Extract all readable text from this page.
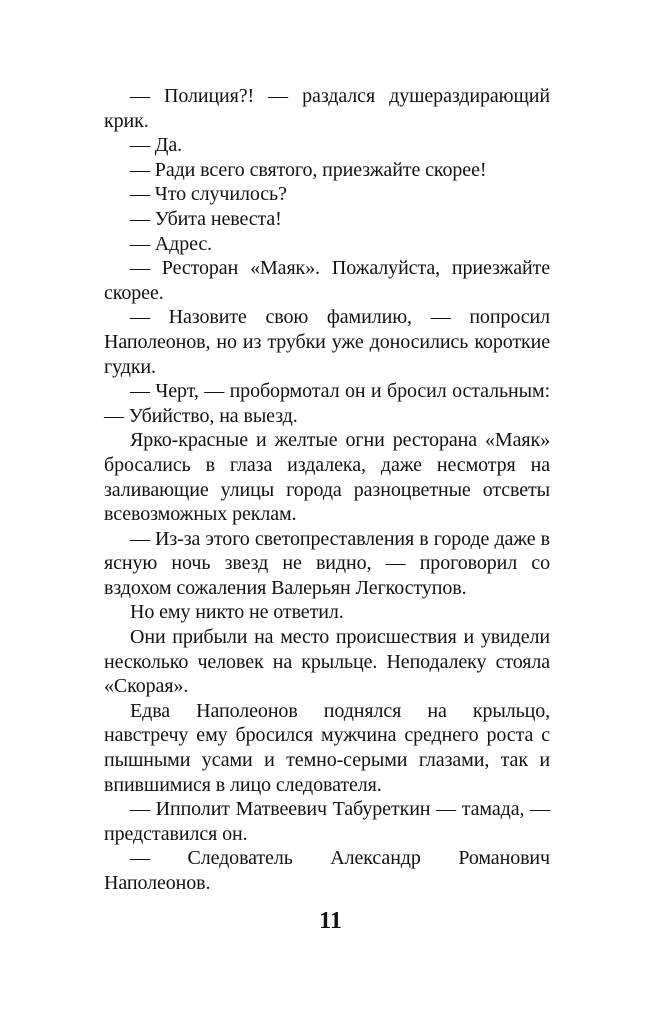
— Полиция?! — раздался душераздирающий крик.

— Да.

— Ради всего святого, приезжайте скорее!

— Что случилось?

— Убита невеста!

— Адрес.

— Ресторан «Маяк». Пожалуйста, приезжайте скорее.

— Назовите свою фамилию, — попросил Наполеонов, но из трубки уже доносились короткие гудки.

— Черт, — пробормотал он и бросил остальным: — Убийство, на выезд.

Ярко-красные и желтые огни ресторана «Маяк» бросались в глаза издалека, даже несмотря на заливающие улицы города разноцветные отсветы всевозможных реклам.

— Из-за этого светопреставления в городе даже в ясную ночь звезд не видно, — проговорил со вздохом сожаления Валерьян Легкоступов.

Но ему никто не ответил.

Они прибыли на место происшествия и увидели несколько человек на крыльце. Неподалеку стояла «Скорая».

Едва Наполеонов поднялся на крыльцо, навстречу ему бросился мужчина среднего роста с пышными усами и темно-серыми глазами, так и впившимися в лицо следователя.

— Ипполит Матвеевич Табуреткин — тамада, — представился он.

— Следователь Александр Романович Наполеонов.

11
